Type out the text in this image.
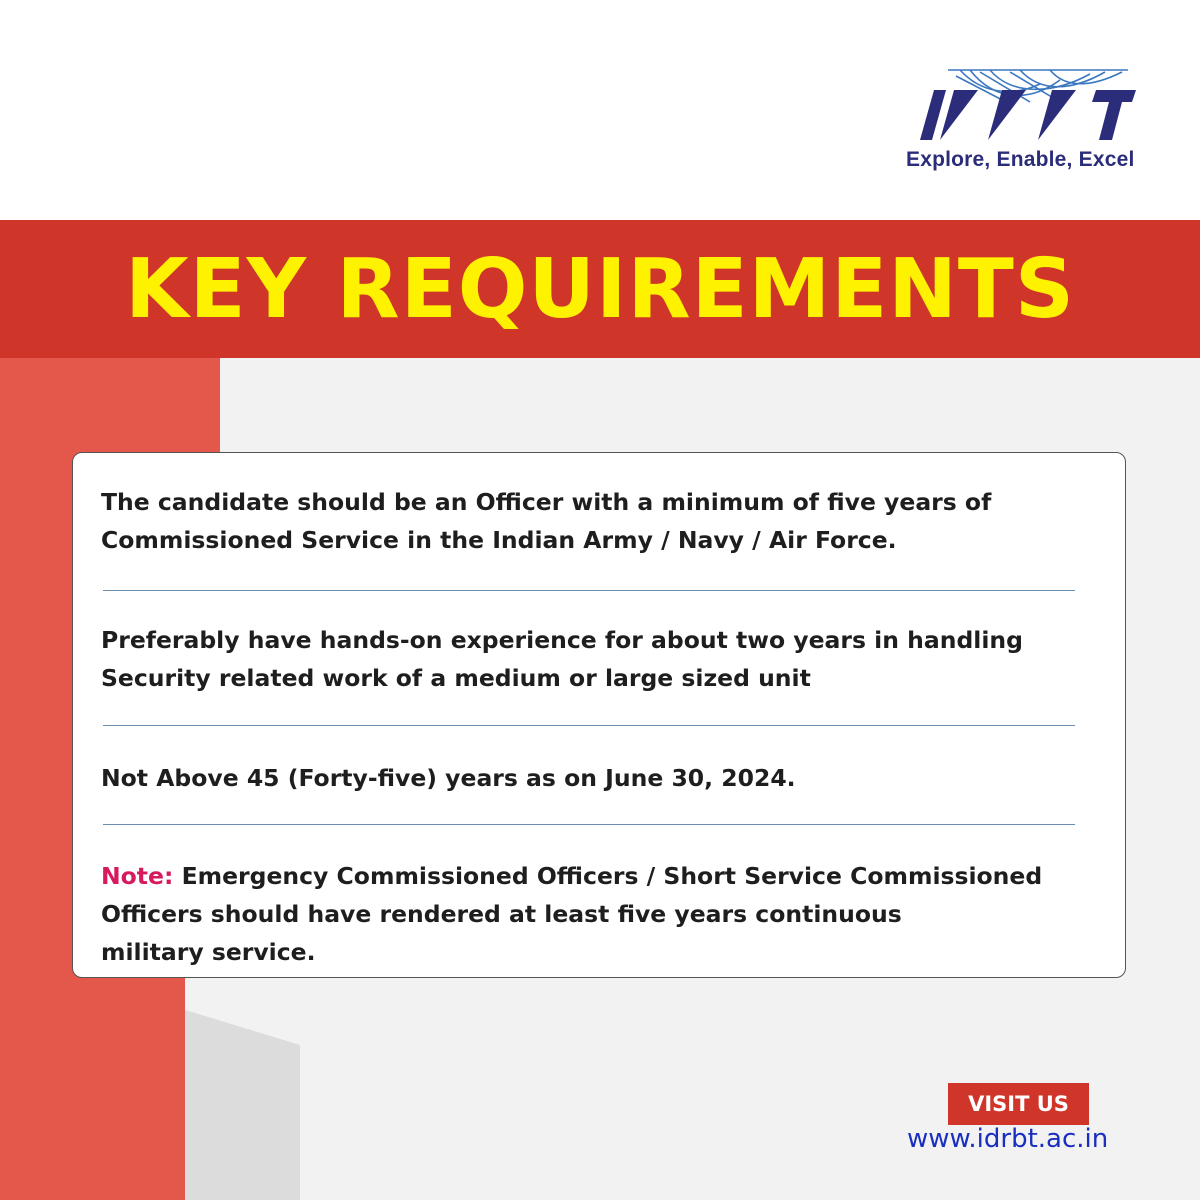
Explore, Enable, Excel
KEY REQUIREMENTS
The candidate should be an Officer with a minimum of five years of
Commissioned Service in the Indian Army / Navy / Air Force.
Preferably have hands-on experience for about two years in handling
Security related work of a medium or large sized unit
Not Above 45 (Forty-five) years as on June 30, 2024.
Note: Emergency Commissioned Officers / Short Service Commissioned
Officers should have rendered at least five years continuous
military service.
VISIT US
www.idrbt.ac.in
